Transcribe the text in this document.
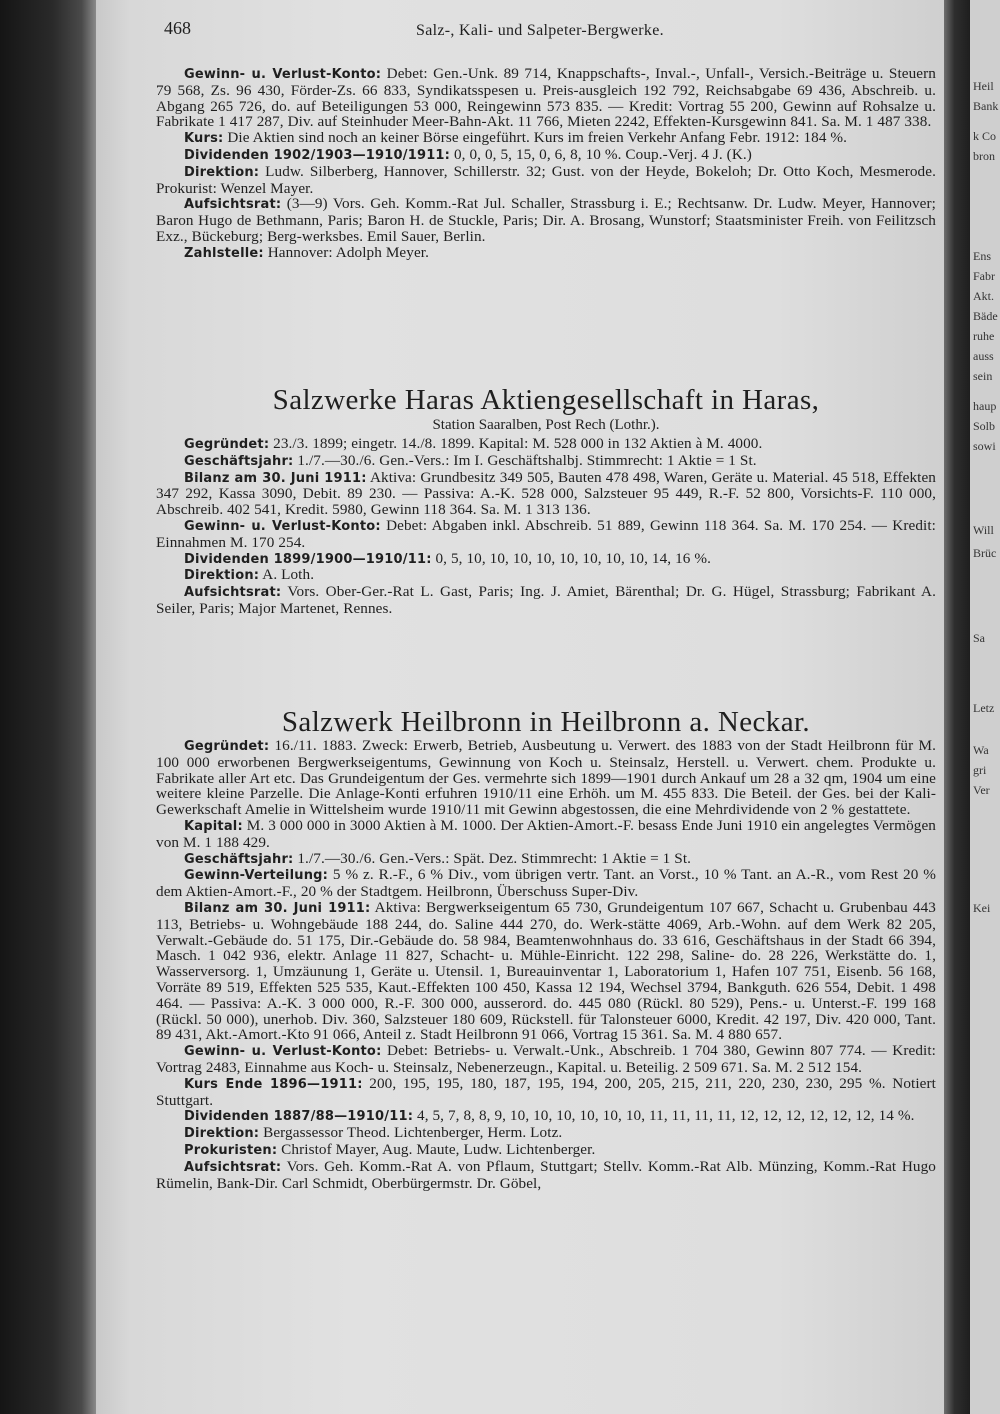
468	Salz-, Kali- und Salpeter-Bergwerke.

Gewinn- u. Verlust-Konto: Debet: Gen.-Unk. 89 714, Knappschafts-, Inval.-, Unfall-, Versich.-Beiträge u. Steuern 79 568, Zs. 96 430, Förder-Zs. 66 833, Syndikatsspesen u. Preis-ausgleich 192 792, Reichsabgabe 69 436, Abschreib. u. Abgang 265 726, do. auf Beteiligungen 53 000, Reingewinn 573 835. — Kredit: Vortrag 55 200, Gewinn auf Rohsalze u. Fabrikate 1 417 287, Div. auf Steinhuder Meer-Bahn-Akt. 11 766, Mieten 2242, Effekten-Kursgewinn 841. Sa. M. 1 487 338.

Kurs: Die Aktien sind noch an keiner Börse eingeführt. Kurs im freien Verkehr Anfang Febr. 1912: 184 %.

Dividenden 1902/1903—1910/1911: 0, 0, 0, 5, 15, 0, 6, 8, 10 %. Coup.-Verj. 4 J. (K.)

Direktion: Ludw. Silberberg, Hannover, Schillerstr. 32; Gust. von der Heyde, Bokeloh; Dr. Otto Koch, Mesmerode. Prokurist: Wenzel Mayer.

Aufsichtsrat: (3—9) Vors. Geh. Komm.-Rat Jul. Schaller, Strassburg i. E.; Rechtsanw. Dr. Ludw. Meyer, Hannover; Baron Hugo de Bethmann, Paris; Baron H. de Stuckle, Paris; Dir. A. Brosang, Wunstorf; Staatsminister Freih. von Feilitzsch Exz., Bückeburg; Berg-werksbes. Emil Sauer, Berlin.

Zahlstelle: Hannover: Adolph Meyer.

Salzwerke Haras Aktiengesellschaft in Haras,
Station Saaralben, Post Rech (Lothr.).

Gegründet: 23./3. 1899; eingetr. 14./8. 1899. Kapital: M. 528 000 in 132 Aktien à M. 4000.

Geschäftsjahr: 1./7.—30./6. Gen.-Vers.: Im I. Geschäftshalbj. Stimmrecht: 1 Aktie = 1 St.

Bilanz am 30. Juni 1911: Aktiva: Grundbesitz 349 505, Bauten 478 498, Waren, Geräte u. Material. 45 518, Effekten 347 292, Kassa 3090, Debit. 89 230. — Passiva: A.-K. 528 000, Salzsteuer 95 449, R.-F. 52 800, Vorsichts-F. 110 000, Abschreib. 402 541, Kredit. 5980, Gewinn 118 364. Sa. M. 1 313 136.

Gewinn- u. Verlust-Konto: Debet: Abgaben inkl. Abschreib. 51 889, Gewinn 118 364. Sa. M. 170 254. — Kredit: Einnahmen M. 170 254.

Dividenden 1899/1900—1910/11: 0, 5, 10, 10, 10, 10, 10, 10, 10, 10, 14, 16 %.

Direktion: A. Loth.

Aufsichtsrat: Vors. Ober-Ger.-Rat L. Gast, Paris; Ing. J. Amiet, Bärenthal; Dr. G. Hügel, Strassburg; Fabrikant A. Seiler, Paris; Major Martenet, Rennes.

Salzwerk Heilbronn in Heilbronn a. Neckar.

Gegründet: 16./11. 1883. Zweck: Erwerb, Betrieb, Ausbeutung u. Verwert. des 1883 von der Stadt Heilbronn für M. 100 000 erworbenen Bergwerkseigentums, Gewinnung von Koch u. Steinsalz, Herstell. u. Verwert. chem. Produkte u. Fabrikate aller Art etc. Das Grundeigentum der Ges. vermehrte sich 1899—1901 durch Ankauf um 28 a 32 qm, 1904 um eine weitere kleine Parzelle. Die Anlage-Konti erfuhren 1910/11 eine Erhöh. um M. 455 833. Die Beteil. der Ges. bei der Kali-Gewerkschaft Amelie in Wittelsheim wurde 1910/11 mit Gewinn abgestossen, die eine Mehrdividende von 2 % gestattete.

Kapital: M. 3 000 000 in 3000 Aktien à M. 1000. Der Aktien-Amort.-F. besass Ende Juni 1910 ein angelegtes Vermögen von M. 1 188 429.

Geschäftsjahr: 1./7.—30./6. Gen.-Vers.: Spät. Dez. Stimmrecht: 1 Aktie = 1 St.

Gewinn-Verteilung: 5 % z. R.-F., 6 % Div., vom übrigen vertr. Tant. an Vorst., 10 % Tant. an A.-R., vom Rest 20 % dem Aktien-Amort.-F., 20 % der Stadtgem. Heilbronn, Überschuss Super-Div.

Bilanz am 30. Juni 1911: Aktiva: Bergwerkseigentum 65 730, Grundeigentum 107 667, Schacht u. Grubenbau 443 113, Betriebs- u. Wohngebäude 188 244, do. Saline 444 270, do. Werk-stätte 4069, Arb.-Wohn. auf dem Werk 82 205, Verwalt.-Gebäude do. 51 175, Dir.-Gebäude do. 58 984, Beamtenwohnhaus do. 33 616, Geschäftshaus in der Stadt 66 394, Masch. 1 042 936, elektr. Anlage 11 827, Schacht- u. Mühle-Einricht. 122 298, Saline- do. 28 226, Werkstätte do. 1, Wasserversorg. 1, Umzäunung 1, Geräte u. Utensil. 1, Bureauinventar 1, Laboratorium 1, Hafen 107 751, Eisenb. 56 168, Vorräte 89 519, Effekten 525 535, Kaut.-Effekten 100 450, Kassa 12 194, Wechsel 3794, Bankguth. 626 554, Debit. 1 498 464. — Passiva: A.-K. 3 000 000, R.-F. 300 000, ausserord. do. 445 080 (Rückl. 80 529), Pens.- u. Unterst.-F. 199 168 (Rückl. 50 000), unerhob. Div. 360, Salzsteuer 180 609, Rückstell. für Talonsteuer 6000, Kredit. 42 197, Div. 420 000, Tant. 89 431, Akt.-Amort.-Kto 91 066, Anteil z. Stadt Heilbronn 91 066, Vortrag 15 361. Sa. M. 4 880 657.

Gewinn- u. Verlust-Konto: Debet: Betriebs- u. Verwalt.-Unk., Abschreib. 1 704 380, Gewinn 807 774. — Kredit: Vortrag 2483, Einnahme aus Koch- u. Steinsalz, Nebenerzeugn., Kapital. u. Beteilig. 2 509 671. Sa. M. 2 512 154.

Kurs Ende 1896—1911: 200, 195, 195, 180, 187, 195, 194, 200, 205, 215, 211, 220, 230, 230, 295 %. Notiert Stuttgart.

Dividenden 1887/88—1910/11: 4, 5, 7, 8, 8, 9, 10, 10, 10, 10, 10, 10, 11, 11, 11, 11, 12, 12, 12, 12, 12, 12, 14 %.

Direktion: Bergassessor Theod. Lichtenberger, Herm. Lotz.

Prokuristen: Christof Mayer, Aug. Maute, Ludw. Lichtenberger.

Aufsichtsrat: Vors. Geh. Komm.-Rat A. von Pflaum, Stuttgart; Stellv. Komm.-Rat Alb. Münzing, Komm.-Rat Hugo Rümelin, Bank-Dir. Carl Schmidt, Oberbürgermstr. Dr. Göbel,

Heil
Bank
k Co
bron
Ens
Fabr
Akt.
Bäde
ruhe
auss
sein
haup
Solb
sowi
Will
Brüc
Sa
Letz
Wa
gri
Ver
Kei
